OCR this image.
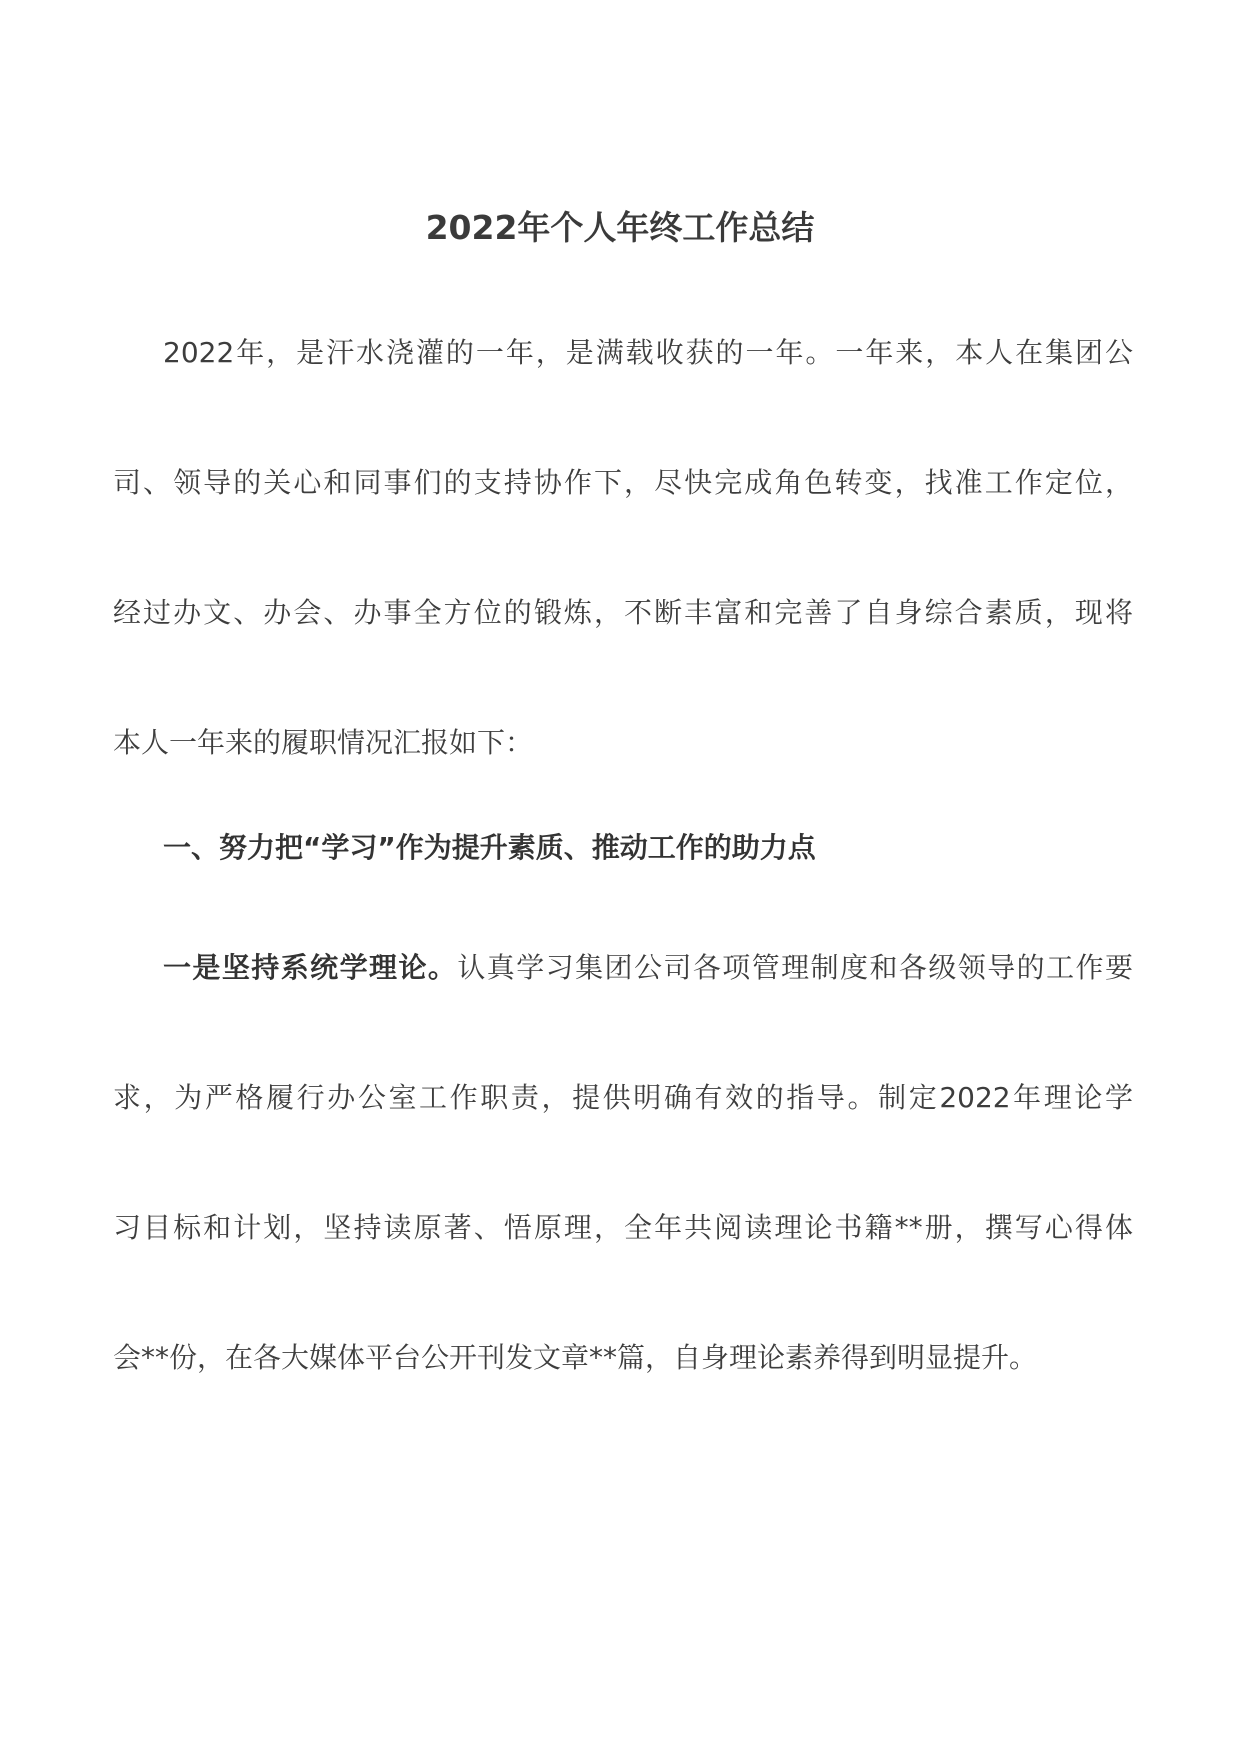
2022年个人年终工作总结
2022年，是汗水浇灌的一年，是满载收获的一年。一年来，本人在集团公
司、领导的关心和同事们的支持协作下，尽快完成角色转变，找准工作定位，
经过办文、办会、办事全方位的锻炼，不断丰富和完善了自身综合素质，现将
本人一年来的履职情况汇报如下：
一、努力把“学习”作为提升素质、推动工作的助力点
一是坚持系统学理论。认真学习集团公司各项管理制度和各级领导的工作要
求，为严格履行办公室工作职责，提供明确有效的指导。制定2022年理论学
习目标和计划，坚持读原著、悟原理，全年共阅读理论书籍**册，撰写心得体
会**份，在各大媒体平台公开刊发文章**篇，自身理论素养得到明显提升。
